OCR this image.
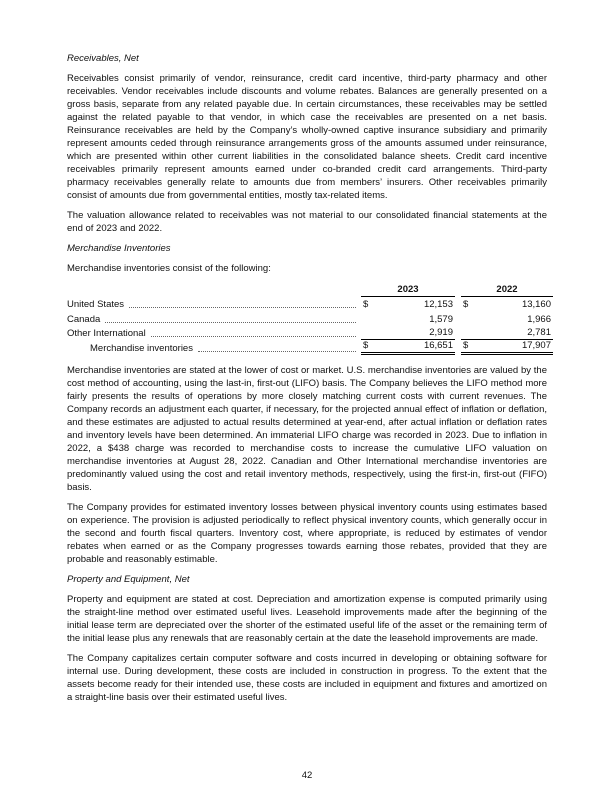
Receivables, Net

Receivables consist primarily of vendor, reinsurance, credit card incentive, third-party pharmacy and other receivables. Vendor receivables include discounts and volume rebates. Balances are generally presented on a gross basis, separate from any related payable due. In certain circumstances, these receivables may be settled against the related payable to that vendor, in which case the receivables are presented on a net basis. Reinsurance receivables are held by the Company’s wholly-owned captive insurance subsidiary and primarily represent amounts ceded through reinsurance arrangements gross of the amounts assumed under reinsurance, which are presented within other current liabilities in the consolidated balance sheets. Credit card incentive receivables primarily represent amounts earned under co-branded credit card arrangements. Third-party pharmacy receivables generally relate to amounts due from members’ insurers. Other receivables primarily consist of amounts due from governmental entities, mostly tax-related items.

The valuation allowance related to receivables was not material to our consolidated financial statements at the end of 2023 and 2022.

Merchandise Inventories

Merchandise inventories consist of the following:

2023	2022
United States	$	12,153 $	13,160
Canada	1,579	1,966
Other International	2,919	2,781
Merchandise inventories	$	16,651 $	17,907

Merchandise inventories are stated at the lower of cost or market. U.S. merchandise inventories are valued by the cost method of accounting, using the last-in, first-out (LIFO) basis. The Company believes the LIFO method more fairly presents the results of operations by more closely matching current costs with current revenues. The Company records an adjustment each quarter, if necessary, for the projected annual effect of inflation or deflation, and these estimates are adjusted to actual results determined at year-end, after actual inflation or deflation rates and inventory levels have been determined. An immaterial LIFO charge was recorded in 2023. Due to inflation in 2022, a $438 charge was recorded to merchandise costs to increase the cumulative LIFO valuation on merchandise inventories at August 28, 2022. Canadian and Other International merchandise inventories are predominantly valued using the cost and retail inventory methods, respectively, using the first-in, first-out (FIFO) basis.

The Company provides for estimated inventory losses between physical inventory counts using estimates based on experience. The provision is adjusted periodically to reflect physical inventory counts, which generally occur in the second and fourth fiscal quarters. Inventory cost, where appropriate, is reduced by estimates of vendor rebates when earned or as the Company progresses towards earning those rebates, provided that they are probable and reasonably estimable.

Property and Equipment, Net

Property and equipment are stated at cost. Depreciation and amortization expense is computed primarily using the straight-line method over estimated useful lives. Leasehold improvements made after the beginning of the initial lease term are depreciated over the shorter of the estimated useful life of the asset or the remaining term of the initial lease plus any renewals that are reasonably certain at the date the leasehold improvements are made.

The Company capitalizes certain computer software and costs incurred in developing or obtaining software for internal use. During development, these costs are included in construction in progress. To the extent that the assets become ready for their intended use, these costs are included in equipment and fixtures and amortized on a straight-line basis over their estimated useful lives.

42
